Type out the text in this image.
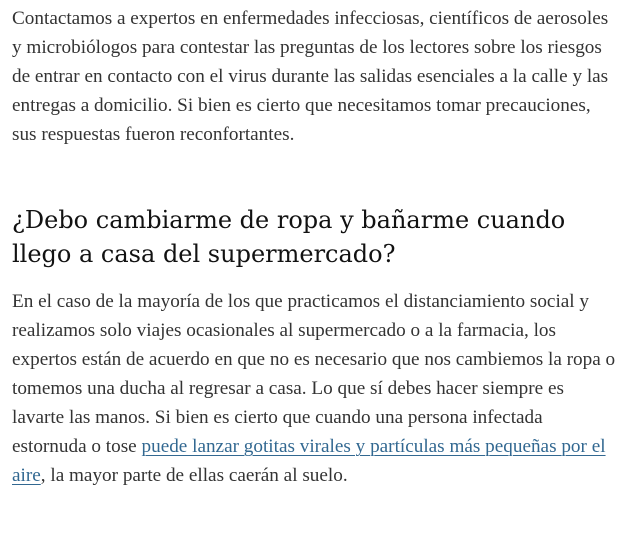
Contactamos a expertos en enfermedades infecciosas, científicos de aerosoles y microbiólogos para contestar las preguntas de los lectores sobre los riesgos de entrar en contacto con el virus durante las salidas esenciales a la calle y las entregas a domicilio. Si bien es cierto que necesitamos tomar precauciones, sus respuestas fueron reconfortantes.

¿Debo cambiarme de ropa y bañarme cuando llego a casa del supermercado?

En el caso de la mayoría de los que practicamos el distanciamiento social y realizamos solo viajes ocasionales al supermercado o a la farmacia, los expertos están de acuerdo en que no es necesario que nos cambiemos la ropa o tomemos una ducha al regresar a casa. Lo que sí debes hacer siempre es lavarte las manos. Si bien es cierto que cuando una persona infectada estornuda o tose puede lanzar gotitas virales y partículas más pequeñas por el aire, la mayor parte de ellas caerán al suelo.
